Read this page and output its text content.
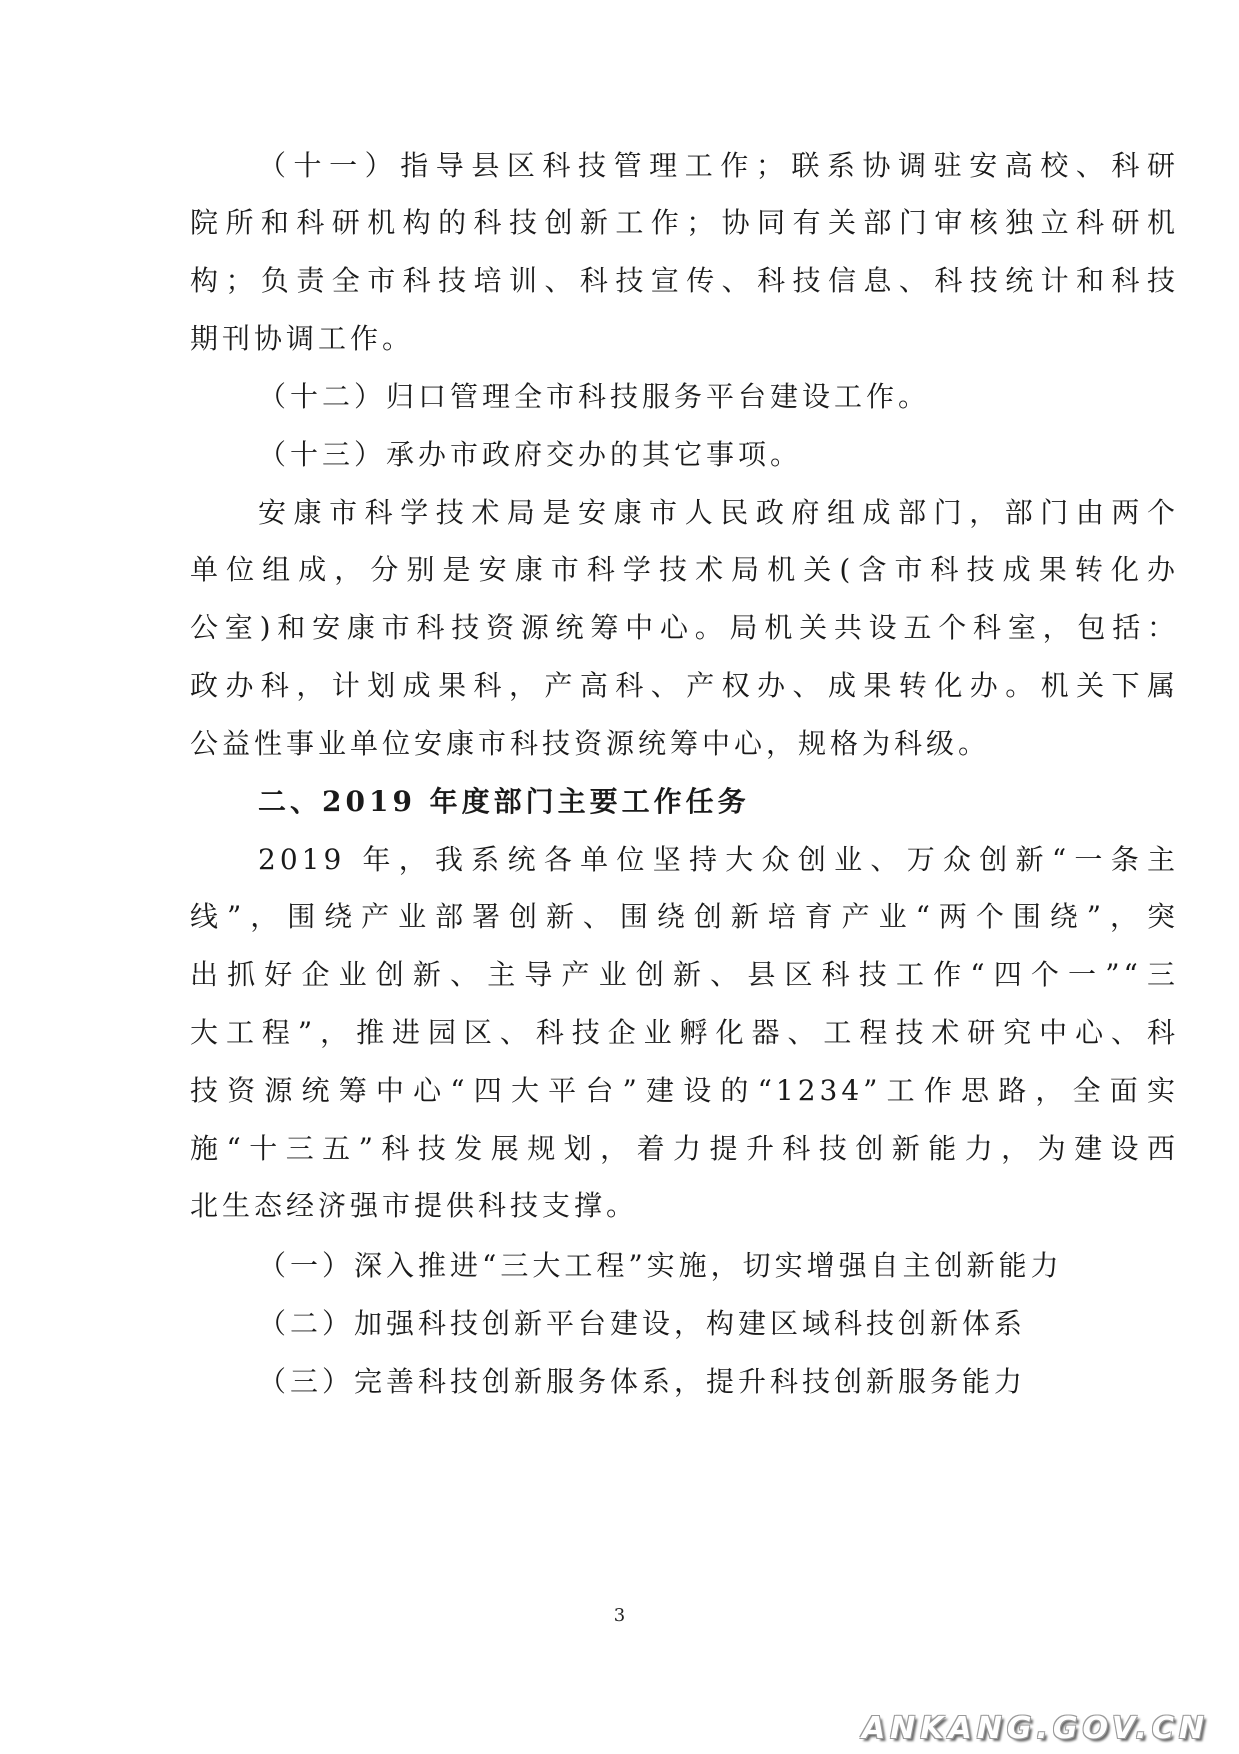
（十一）指导县区科技管理工作；联系协调驻安高校、科研
院所和科研机构的科技创新工作；协同有关部门审核独立科研机
构；负责全市科技培训、科技宣传、科技信息、科技统计和科技
期刊协调工作。
（十二）归口管理全市科技服务平台建设工作。
（十三）承办市政府交办的其它事项。
安康市科学技术局是安康市人民政府组成部门，部门由两个
单位组成，分别是安康市科学技术局机关(含市科技成果转化办
公室)和安康市科技资源统筹中心。局机关共设五个科室，包括：
政办科，计划成果科，产高科、产权办、成果转化办。机关下属
公益性事业单位安康市科技资源统筹中心，规格为科级。
二、2019 年度部门主要工作任务
2019 年，我系统各单位坚持大众创业、万众创新“一条主
线”，围绕产业部署创新、围绕创新培育产业“两个围绕”，突
出抓好企业创新、主导产业创新、县区科技工作“四个一”“三
大工程”，推进园区、科技企业孵化器、工程技术研究中心、科
技资源统筹中心“四大平台”建设的“1234”工作思路，全面实
施“十三五”科技发展规划，着力提升科技创新能力，为建设西
北生态经济强市提供科技支撑。
（一）深入推进“三大工程”实施，切实增强自主创新能力
（二）加强科技创新平台建设，构建区域科技创新体系
（三）完善科技创新服务体系，提升科技创新服务能力
3
ANKANG.GOV.CN
